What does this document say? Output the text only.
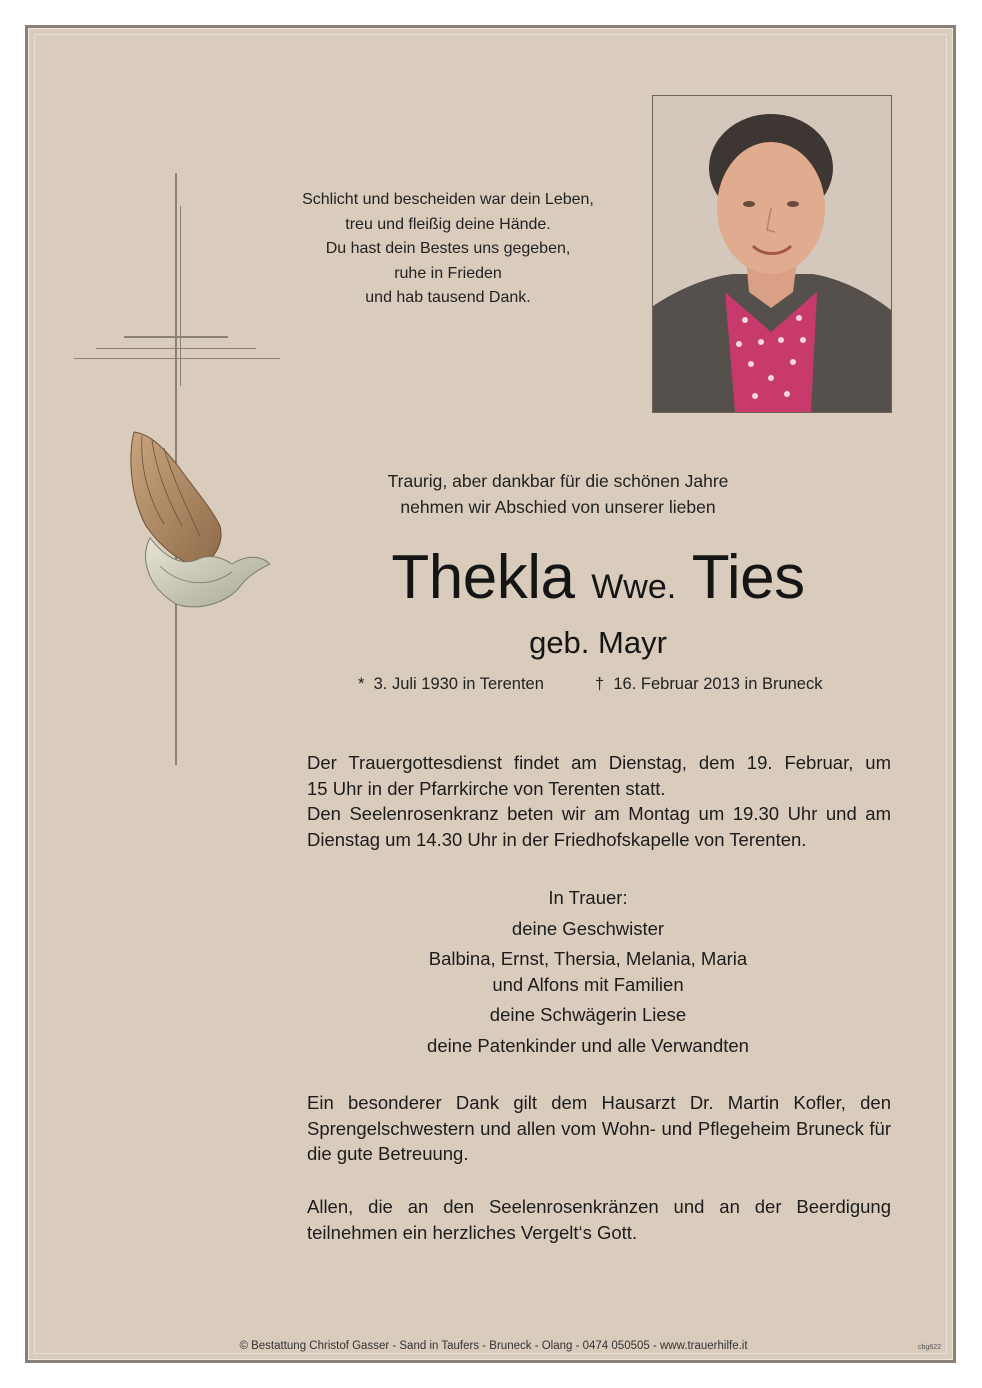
Schlicht und bescheiden war dein Leben,
treu und fleißig deine Hände.
Du hast dein Bestes uns gegeben,
ruhe in Frieden
und hab tausend Dank.
Traurig, aber dankbar für die schönen Jahre
nehmen wir Abschied von unserer lieben
Thekla Wwe. Ties
geb. Mayr
* 3. Juli 1930 in Terenten	† 16. Februar 2013 in Bruneck
Der Trauergottesdienst findet am Dienstag, dem 19. Februar, um
15 Uhr in der Pfarrkirche von Terenten statt.
Den Seelenrosenkranz beten wir am Montag um 19.30 Uhr und am
Dienstag um 14.30 Uhr in der Friedhofskapelle von Terenten.
In Trauer:
deine Geschwister
Balbina, Ernst, Thersia, Melania, Maria
und Alfons mit Familien
deine Schwägerin Liese
deine Patenkinder und alle Verwandten
Ein besonderer Dank gilt dem Hausarzt Dr. Martin Kofler, den
Sprengelschwestern und allen vom Wohn- und Pflegeheim Bruneck für
die gute Betreuung.
Allen, die an den Seelenrosenkränzen und an der Beerdigung
teilnehmen ein herzliches Vergelt‘s Gott.
© Bestattung Christof Gasser - Sand in Taufers - Bruneck - Olang - 0474 050505 - www.trauerhilfe.it	cbg622
